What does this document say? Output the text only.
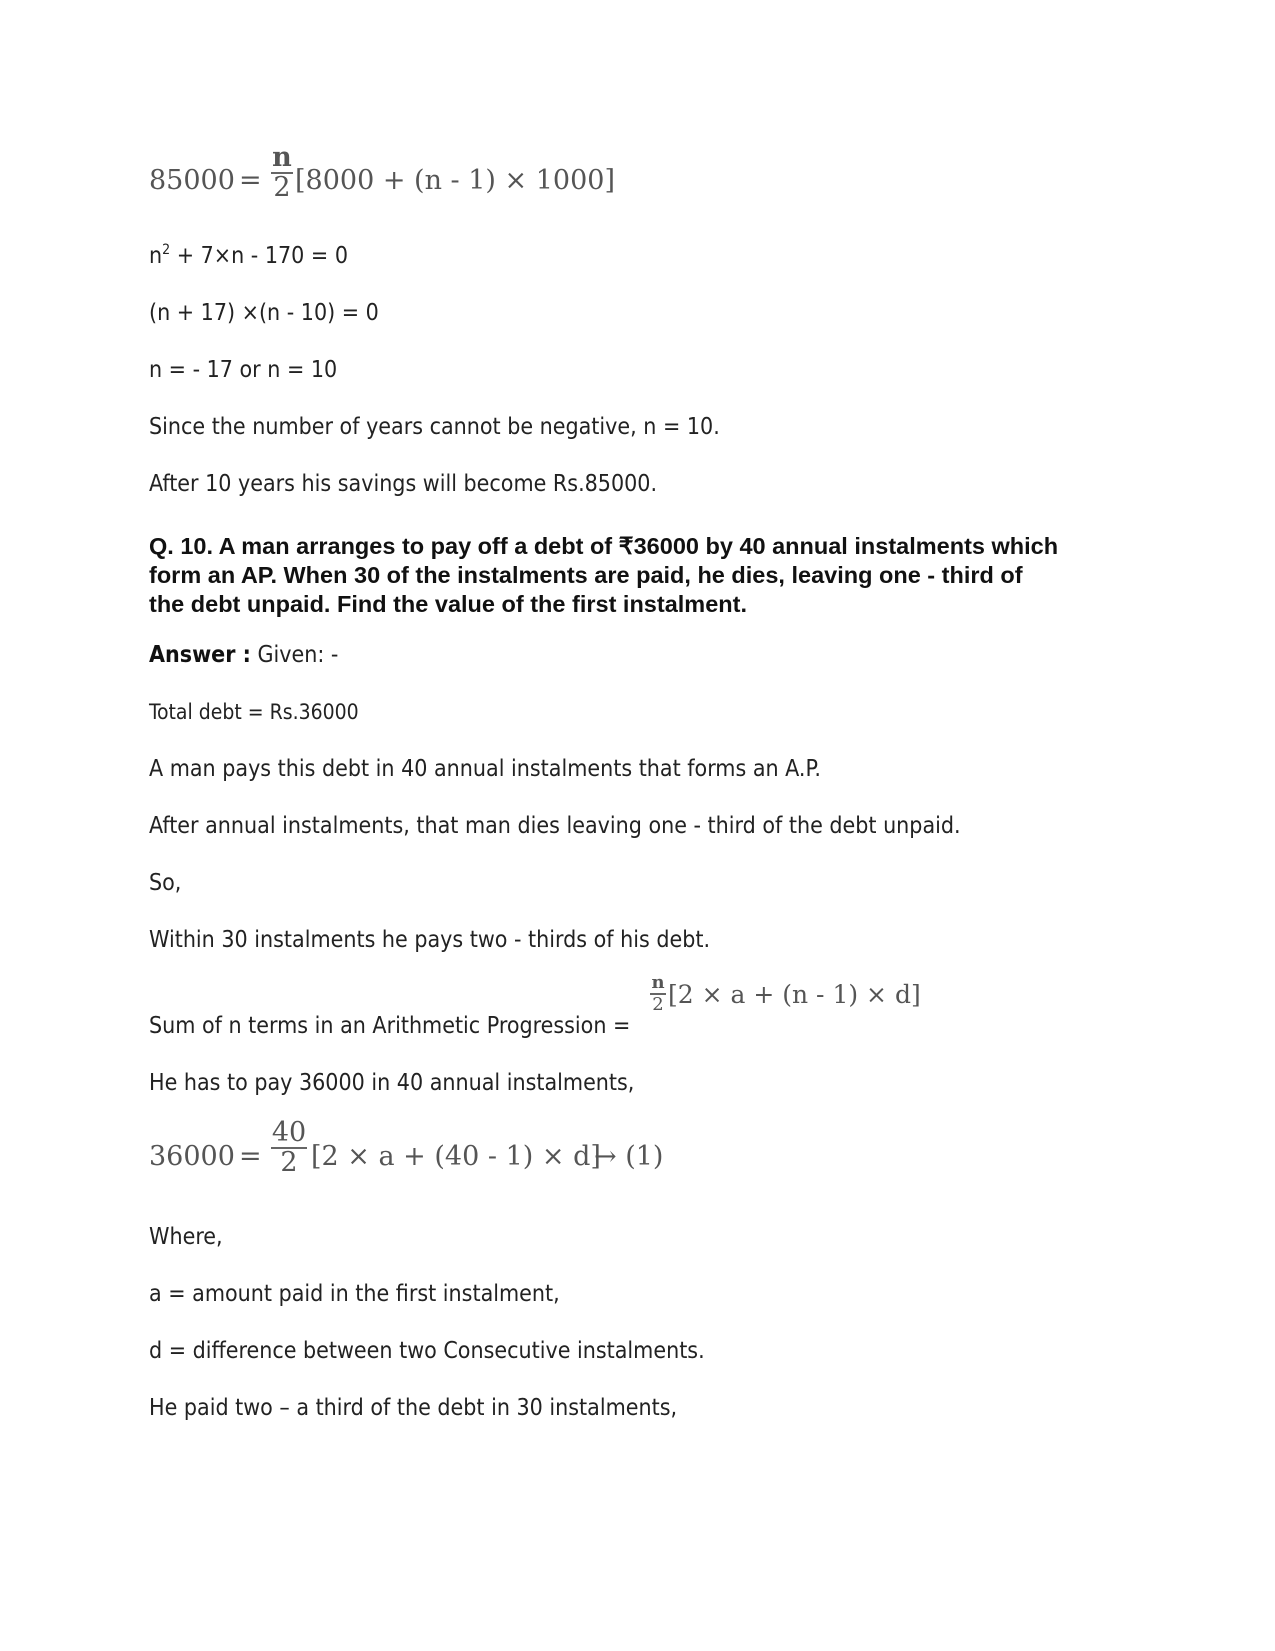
85000 =
n
2 [8000 + (n - 1) × 1000]
$n^2 + 7\times n - 170 = 0$
(n + 17) ×(n - 10) = 0
n = - 17 or n = 10
Since the number of years cannot be negative, n = 10.
After 10 years his savings will become Rs.85000.
Q. 10. A man arranges to pay off a debt of ₹36000 by 40 annual instalments which
form an AP. When 30 of the instalments are paid, he dies, leaving one - third of
the debt unpaid. Find the value of the first instalment.
Answer : Given: -
Total debt = Rs.36000
A man pays this debt in 40 annual instalments that forms an A.P.
After annual instalments, that man dies leaving one - third of the debt unpaid.
So,
Within 30 instalments he pays two - thirds of his debt.
Sum of n terms in an Arithmetic Progression =
n
2 [2 × a + (n - 1) × d]
He has to pay 36000 in 40 annual instalments,
36000 =
40
2 [2 × a + (40 - 1) × d]
→ (1)
Where,
a = amount paid in the first instalment,
d = difference between two Consecutive instalments.
He paid two – a third of the debt in 30 instalments,
